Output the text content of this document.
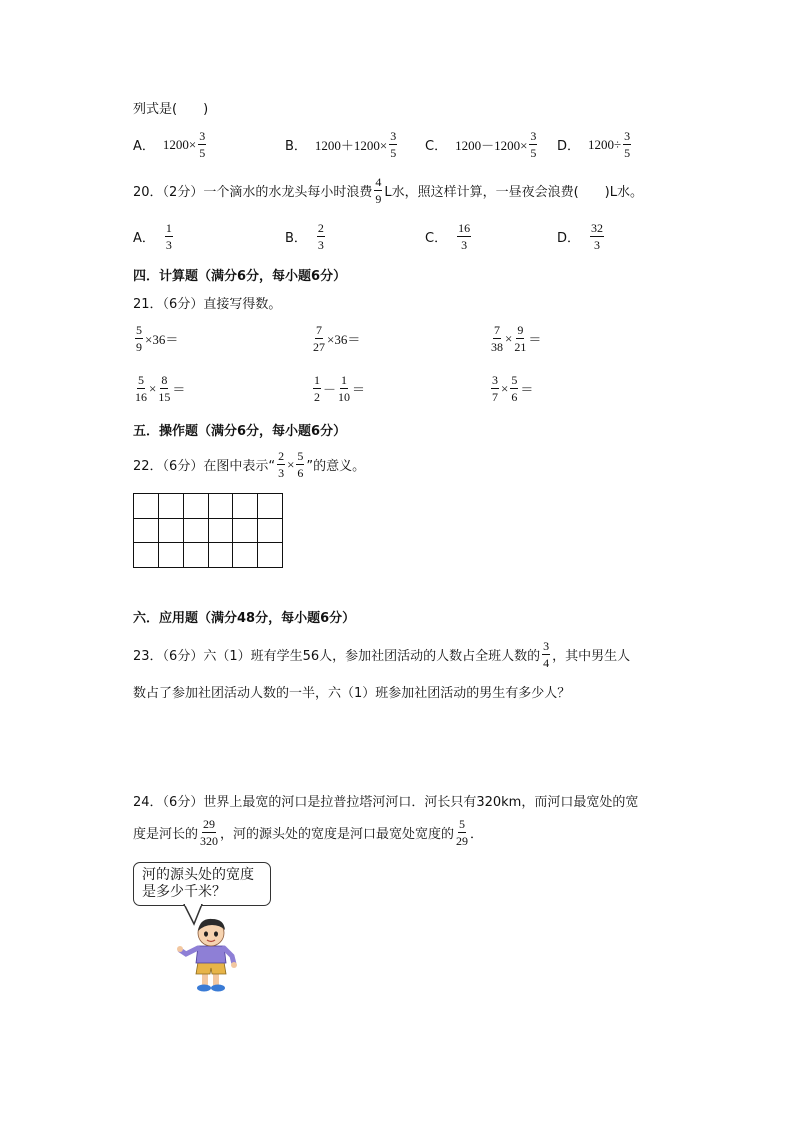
列式是(　　)
A． $1200\times \frac{3}{5}$	B． $1200+1200\times \frac{3}{5}$ C． $1200-1200\times \frac{3}{5}$ D． $1200\div \frac{3}{5}$
20．（2分）一个滴水的水龙头每小时浪费 $\frac{4}{9}$ L水，照这样计算，一昼夜会浪费(　　)L水。
A． $\frac{1}{3}$	B． $\frac{2}{3}$	C． $\frac{16}{3}$	D． $\frac{32}{3}$
四．计算题（满分6分，每小题6分）
21．（6分）直接写得数。
$\frac{5}{9} \times 36=$	$\frac{7}{27} \times 36=$	$\frac{7}{38} \times \frac{9}{21}$ ＝
$\frac{5}{16} \times \frac{8}{15}$ ＝	$\frac{1}{2} - \frac{1}{10}$ ＝	$\frac{3}{7} \times \frac{5}{6}$ ＝
五．操作题（满分6分，每小题6分）
22．（6分）在图中表示“ $\frac{2}{3} \times \frac{5}{6}$ ”的意义。
六．应用题（满分48分，每小题6分）
23．（6分）六（1）班有学生56人，参加社团活动的人数占全班人数的 $\frac{3}{4}$ ，其中男生人
数占了参加社团活动人数的一半，六（1）班参加社团活动的男生有多少人？
24．（6分）世界上最宽的河口是拉普拉塔河河口．河长只有320km，而河口最宽处的宽
度是河长的 $\frac{29}{320}$ ，河的源头处的宽度是河口最宽处宽度的 $\frac{5}{29}$ ．
河的源头处的宽度
是多少千米？
